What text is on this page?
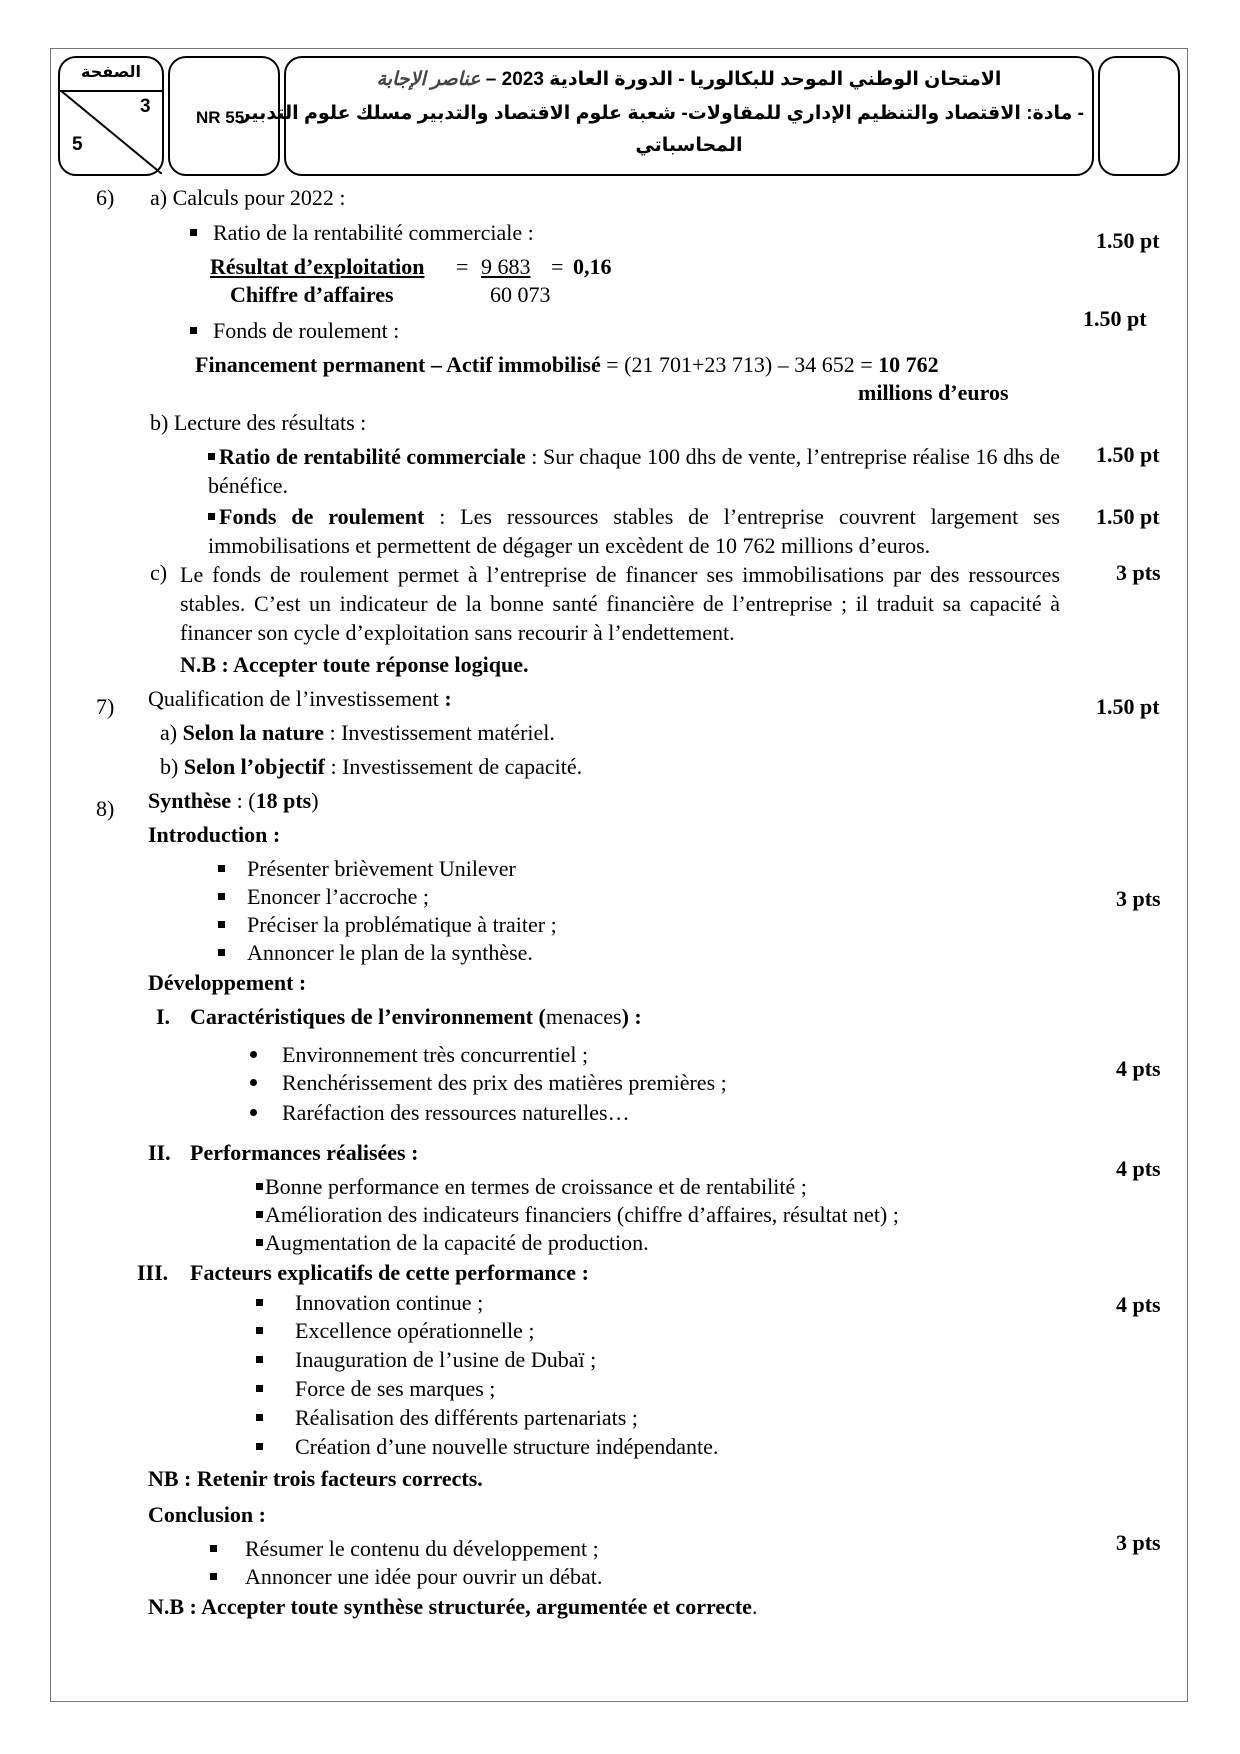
الصفحة
3
5
NR 55
الامتحان الوطني الموحد للبكالوريا - الدورة العادية 2023 – عناصر الإجابة
- مادة: الاقتصاد والتنظيم الإداري للمقاولات- شعبة علوم الاقتصاد والتدبير مسلك علوم التدبير
المحاسباتي
6) a) Calculs pour 2022 :
Ratio de la rentabilité commerciale :	1.50 pt
Résultat d’exploitation = 9 683 = 0,16
Chiffre d’affaires	60 073
Fonds de roulement :	1.50 pt
Financement permanent – Actif immobilisé = (21 701+23 713) – 34 652 = 10 762
millions d’euros
b) Lecture des résultats :
Ratio de rentabilité commerciale : Sur chaque 100 dhs de vente, l’entreprise réalise 16 dhs de bénéfice.
1.50 pt
Fonds de roulement : Les ressources stables de l’entreprise couvrent largement ses immobilisations et permettent de dégager un excèdent de 10 762 millions d’euros.
1.50 pt
c) Le fonds de roulement permet à l’entreprise de financer ses immobilisations par des ressources stables. C’est un indicateur de la bonne santé financière de l’entreprise ; il traduit sa capacité à financer son cycle d’exploitation sans recourir à l’endettement.
3 pts
N.B : Accepter toute réponse logique.
7) Qualification de l’investissement :	1.50 pt
a) Selon la nature : Investissement matériel.
b) Selon l’objectif : Investissement de capacité.
8) Synthèse : (18 pts)
Introduction :
Présenter brièvement Unilever
Enoncer l’accroche ;
Préciser la problématique à traiter ;
Annoncer le plan de la synthèse.
3 pts
Développement :
I. Caractéristiques de l’environnement (menaces) :
Environnement très concurrentiel ;
Renchérissement des prix des matières premières ;
Raréfaction des ressources naturelles…
4 pts
II. Performances réalisées :
Bonne performance en termes de croissance et de rentabilité ;
Amélioration des indicateurs financiers (chiffre d’affaires, résultat net) ;
Augmentation de la capacité de production.
4 pts
III. Facteurs explicatifs de cette performance :
Innovation continue ;
Excellence opérationnelle ;
Inauguration de l’usine de Dubaï ;
Force de ses marques ;
Réalisation des différents partenariats ;
Création d’une nouvelle structure indépendante.
4 pts
NB : Retenir trois facteurs corrects.
Conclusion :
Résumer le contenu du développement ;
Annoncer une idée pour ouvrir un débat.
3 pts
N.B : Accepter toute synthèse structurée, argumentée et correcte.
